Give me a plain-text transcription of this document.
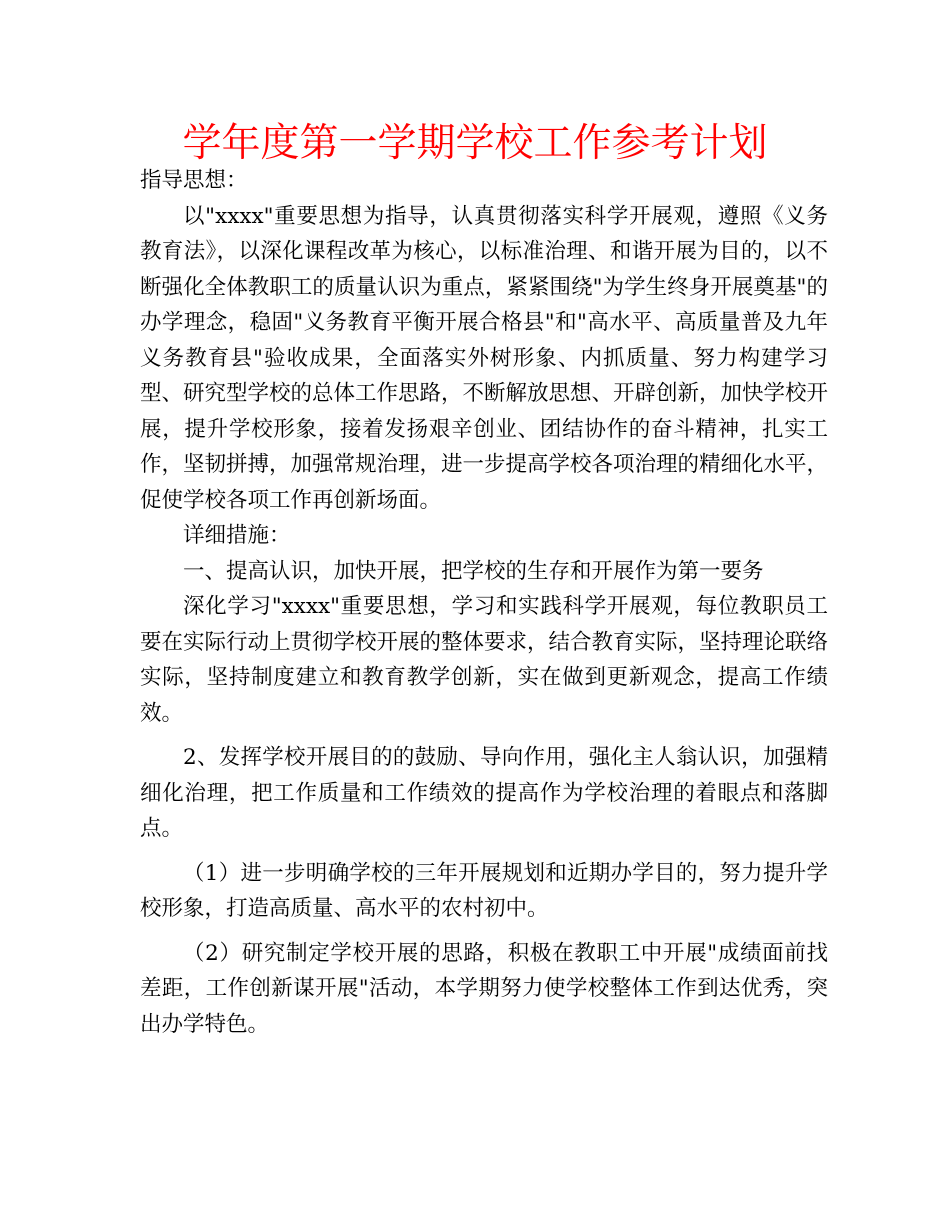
学年度第一学期学校工作参考计划

指导思想：

以"xxxx"重要思想为指导，认真贯彻落实科学开展观，遵照《义务教育法》，以深化课程改革为核心，以标准治理、和谐开展为目的，以不断强化全体教职工的质量认识为重点，紧紧围绕"为学生终身开展奠基"的办学理念，稳固"义务教育平衡开展合格县"和"高水平、高质量普及九年义务教育县"验收成果，全面落实外树形象、内抓质量、努力构建学习型、研究型学校的总体工作思路，不断解放思想、开辟创新，加快学校开展，提升学校形象，接着发扬艰辛创业、团结协作的奋斗精神，扎实工作，坚韧拼搏，加强常规治理，进一步提高学校各项治理的精细化水平，促使学校各项工作再创新场面。

详细措施：

一、提高认识，加快开展，把学校的生存和开展作为第一要务

深化学习"xxxx"重要思想，学习和实践科学开展观，每位教职员工要在实际行动上贯彻学校开展的整体要求，结合教育实际，坚持理论联络实际，坚持制度建立和教育教学创新，实在做到更新观念，提高工作绩效。

2、发挥学校开展目的的鼓励、导向作用，强化主人翁认识，加强精细化治理，把工作质量和工作绩效的提高作为学校治理的着眼点和落脚点。

（1）进一步明确学校的三年开展规划和近期办学目的，努力提升学校形象，打造高质量、高水平的农村初中。

（2）研究制定学校开展的思路，积极在教职工中开展"成绩面前找差距，工作创新谋开展"活动，本学期努力使学校整体工作到达优秀，突出办学特色。
